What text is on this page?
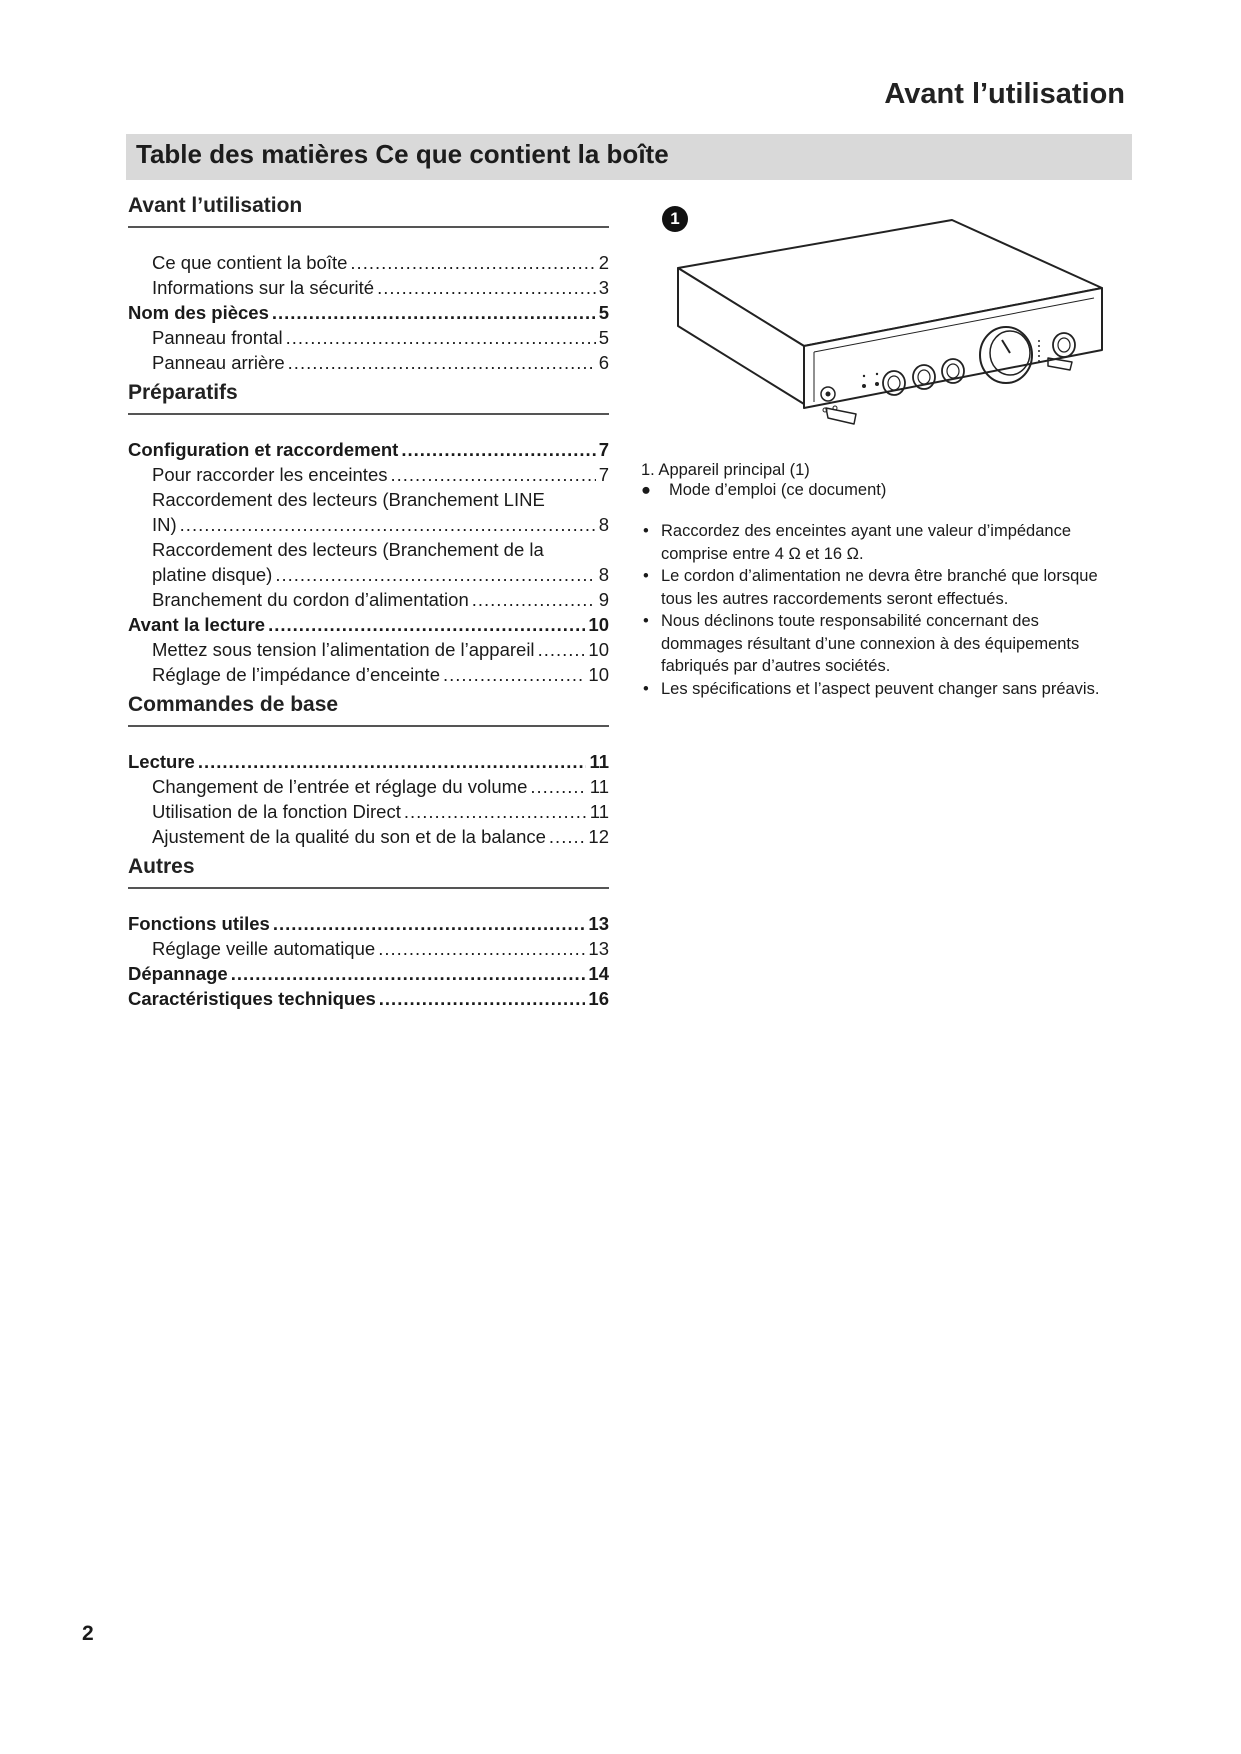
Avant l’utilisation
Table des matières Ce que contient la boîte
Avant l’utilisation
Ce que contient la boîte .....	2
Informations sur la sécurité .....	3
Nom des pièces .....	5
Panneau frontal .....	5
Panneau arrière .....	6
Préparatifs
Configuration et raccordement .....	7
Pour raccorder les enceintes .....	7
Raccordement des lecteurs (Branchement LINE
IN) .....	8
Raccordement des lecteurs (Branchement de la
platine disque) .....	8
Branchement du cordon d’alimentation .....	9
Avant la lecture .....	10
Mettez sous tension l’alimentation de l’appareil .....	10
Réglage de l’impédance d’enceinte .....	10
Commandes de base
Lecture .....	11
Changement de l’entrée et réglage du volume .....	11
Utilisation de la fonction Direct .....	11
Ajustement de la qualité du son et de la balance ..... 12
Autres
Fonctions utiles .....	13
Réglage veille automatique .....	13
Dépannage .....	14
Caractéristiques techniques .....	16
1
1. Appareil principal (1)
●	Mode d’emploi (ce document)
• Raccordez des enceintes ayant une valeur d’impédance comprise entre 4 Ω et 16 Ω.
• Le cordon d’alimentation ne devra être branché que lorsque tous les autres raccordements seront effectués.
• Nous déclinons toute responsabilité concernant des dommages résultant d’une connexion à des équipements fabriqués par d’autres sociétés.
• Les spécifications et l’aspect peuvent changer sans préavis.
2
